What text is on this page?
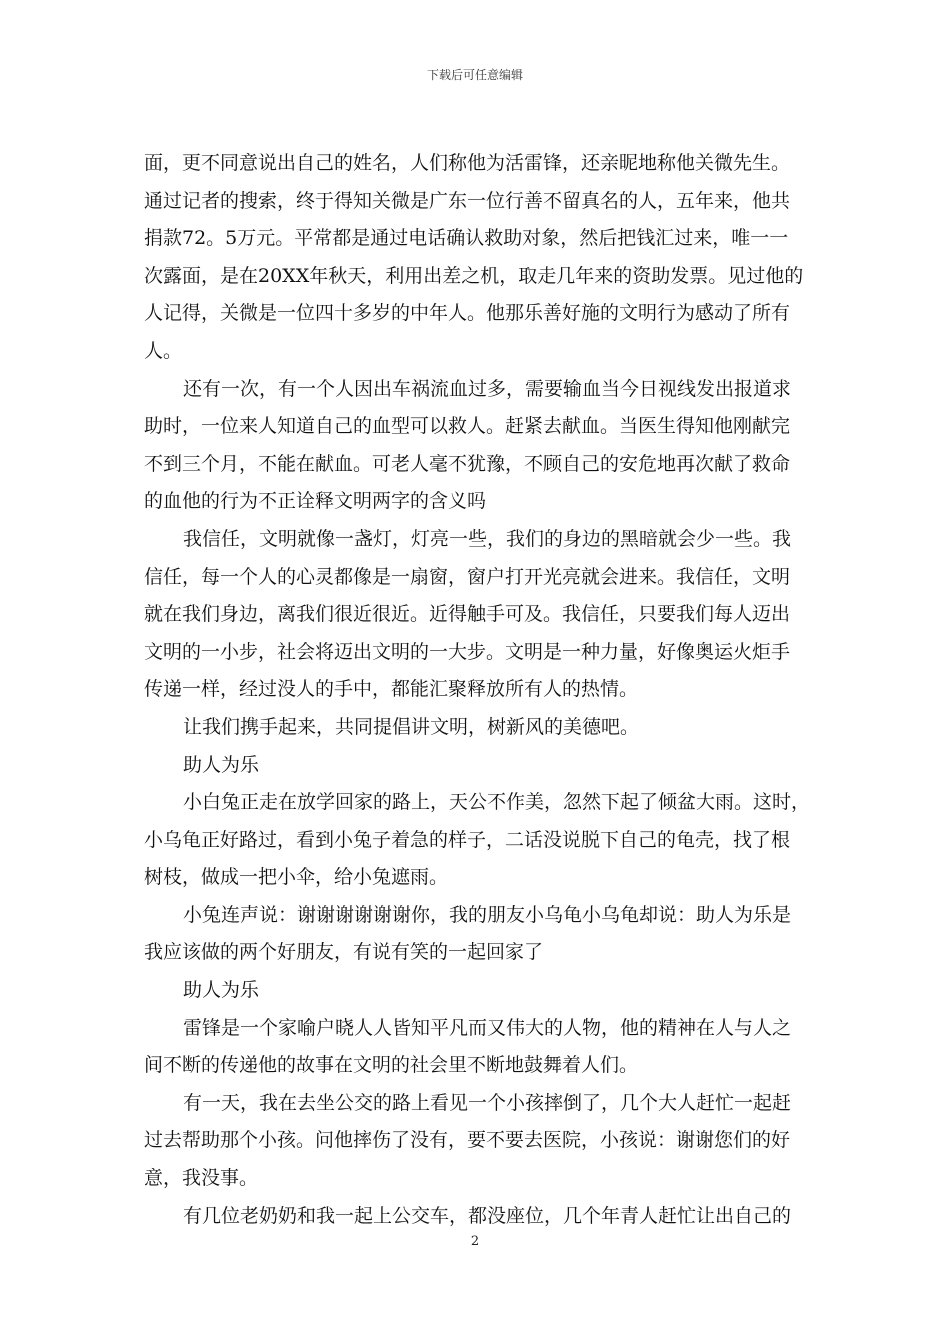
下载后可任意编辑
面，更不同意说出自己的姓名，人们称他为活雷锋，还亲昵地称他关微先生。
通过记者的搜索，终于得知关微是广东一位行善不留真名的人，五年来，他共
捐款72。5万元。平常都是通过电话确认救助对象，然后把钱汇过来，唯一一
次露面，是在20XX年秋天，利用出差之机，取走几年来的资助发票。见过他的
人记得，关微是一位四十多岁的中年人。他那乐善好施的文明行为感动了所有
人。
还有一次，有一个人因出车祸流血过多，需要输血当今日视线发出报道求
助时，一位来人知道自己的血型可以救人。赶紧去献血。当医生得知他刚献完
不到三个月，不能在献血。可老人毫不犹豫，不顾自己的安危地再次献了救命
的血他的行为不正诠释文明两字的含义吗
我信任，文明就像一盏灯，灯亮一些，我们的身边的黑暗就会少一些。我
信任，每一个人的心灵都像是一扇窗，窗户打开光亮就会进来。我信任，文明
就在我们身边，离我们很近很近。近得触手可及。我信任，只要我们每人迈出
文明的一小步，社会将迈出文明的一大步。文明是一种力量，好像奥运火炬手
传递一样，经过没人的手中，都能汇聚释放所有人的热情。
让我们携手起来，共同提倡讲文明，树新风的美德吧。
助人为乐
小白兔正走在放学回家的路上，天公不作美，忽然下起了倾盆大雨。这时，
小乌龟正好路过，看到小兔子着急的样子，二话没说脱下自己的龟壳，找了根
树枝，做成一把小伞，给小兔遮雨。
小兔连声说：谢谢谢谢谢谢你，我的朋友小乌龟小乌龟却说：助人为乐是
我应该做的两个好朋友，有说有笑的一起回家了
助人为乐
雷锋是一个家喻户晓人人皆知平凡而又伟大的人物，他的精神在人与人之
间不断的传递他的故事在文明的社会里不断地鼓舞着人们。
有一天，我在去坐公交的路上看见一个小孩摔倒了，几个大人赶忙一起赶
过去帮助那个小孩。问他摔伤了没有，要不要去医院，小孩说：谢谢您们的好
意，我没事。
有几位老奶奶和我一起上公交车，都没座位，几个年青人赶忙让出自己的
2
